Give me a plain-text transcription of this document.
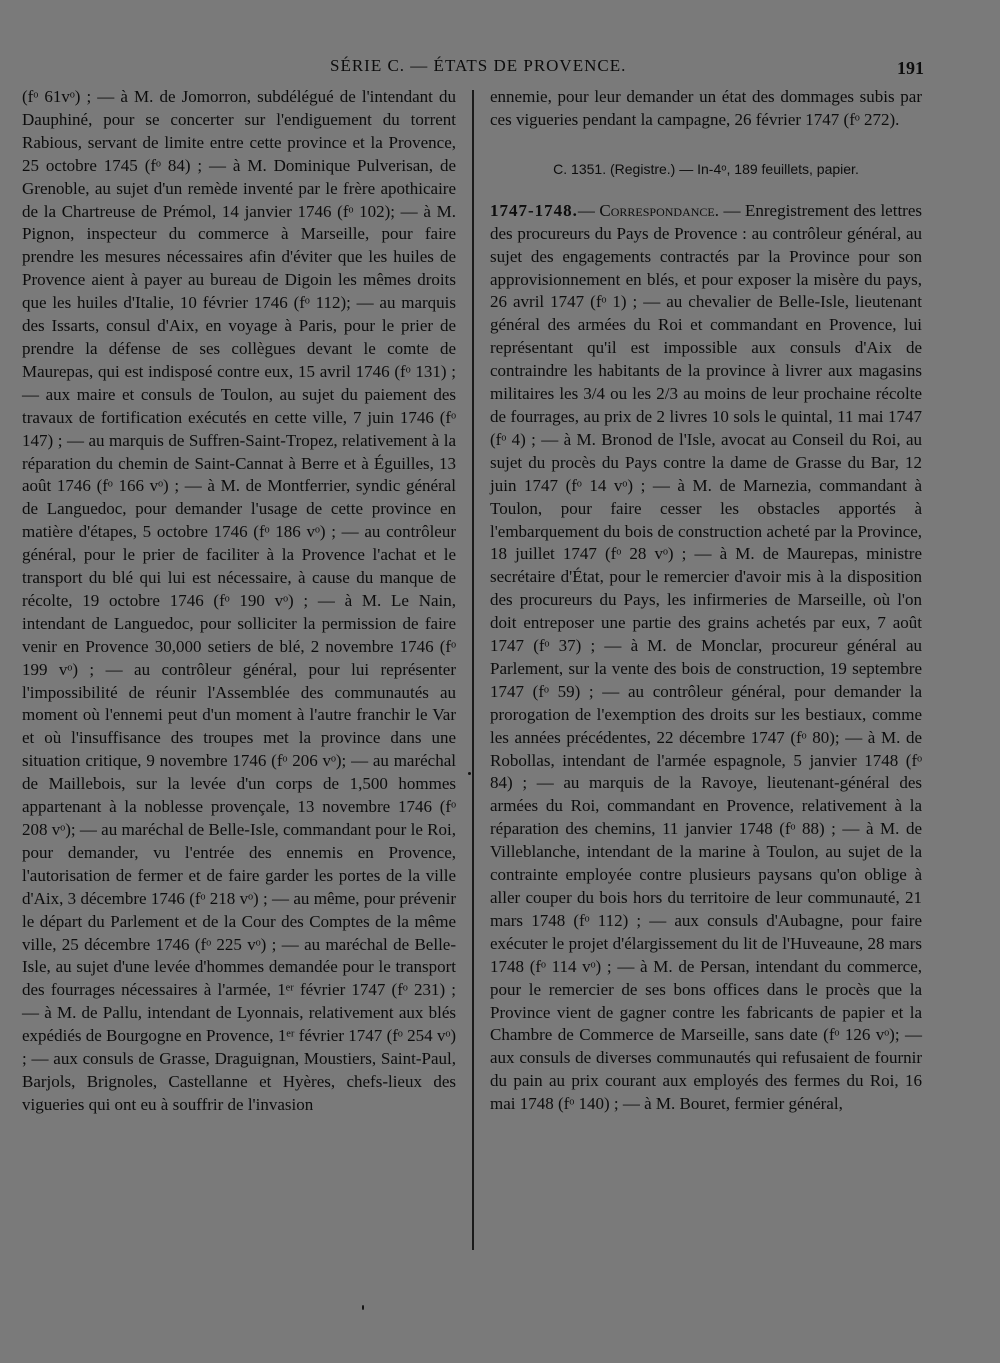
SÉRIE C. — ÉTATS DE PROVENCE.	191

(fᵒ 61vᵒ) ; — à M. de Jomorron, subdélégué de l'intendant du Dauphiné, pour se concerter sur l'endiguement du torrent Rabious, servant de limite entre cette province et la Provence, 25 octobre 1745 (fᵒ 84) ; — à M. Dominique Pulverisan, de Grenoble, au sujet d'un remède inventé par le frère apothicaire de la Chartreuse de Prémol, 14 janvier 1746 (fᵒ 102); — à M. Pignon, inspecteur du commerce à Marseille, pour faire prendre les mesures nécessaires afin d'éviter que les huiles de Provence aient à payer au bureau de Digoin les mêmes droits que les huiles d'Italie, 10 février 1746 (fᵒ 112); — au marquis des Issarts, consul d'Aix, en voyage à Paris, pour le prier de prendre la défense de ses collègues devant le comte de Maurepas, qui est indisposé contre eux, 15 avril 1746 (fᵒ 131) ; — aux maire et consuls de Toulon, au sujet du paiement des travaux de fortification exécutés en cette ville, 7 juin 1746 (fᵒ 147) ; — au marquis de Suffren-Saint-Tropez, relativement à la réparation du chemin de Saint-Cannat à Berre et à Éguilles, 13 août 1746 (fᵒ 166 vᵒ) ; — à M. de Montferrier, syndic général de Languedoc, pour demander l'usage de cette province en matière d'étapes, 5 octobre 1746 (fᵒ 186 vᵒ) ; — au contrôleur général, pour le prier de faciliter à la Provence l'achat et le transport du blé qui lui est nécessaire, à cause du manque de récolte, 19 octobre 1746 (fᵒ 190 vᵒ) ; — à M. Le Nain, intendant de Languedoc, pour solliciter la permission de faire venir en Provence 30,000 setiers de blé, 2 novembre 1746 (fᵒ 199 vᵒ) ; — au contrôleur général, pour lui représenter l'impossibilité de réunir l'Assemblée des communautés au moment où l'ennemi peut d'un moment à l'autre franchir le Var et où l'insuffisance des troupes met la province dans une situation critique, 9 novembre 1746 (fᵒ 206 vᵒ); — au maréchal de Maillebois, sur la levée d'un corps de 1,500 hommes appartenant à la noblesse provençale, 13 novembre 1746 (fᵒ 208 vᵒ); — au maréchal de Belle-Isle, commandant pour le Roi, pour demander, vu l'entrée des ennemis en Provence, l'autorisation de fermer et de faire garder les portes de la ville d'Aix, 3 décembre 1746 (fᵒ 218 vᵒ) ; — au même, pour prévenir le départ du Parlement et de la Cour des Comptes de la même ville, 25 décembre 1746 (fᵒ 225 vᵒ) ; — au maréchal de Belle-Isle, au sujet d'une levée d'hommes demandée pour le transport des fourrages nécessaires à l'armée, 1ᵉʳ février 1747 (fᵒ 231) ; — à M. de Pallu, intendant de Lyonnais, relativement aux blés expédiés de Bourgogne en Provence, 1ᵉʳ février 1747 (fᵒ 254 vᵒ) ; — aux consuls de Grasse, Draguignan, Moustiers, Saint-Paul, Barjols, Brignoles, Castellanne et Hyères, chefs-lieux des vigueries qui ont eu à souffrir de l'invasion

ennemie, pour leur demander un état des dommages subis par ces vigueries pendant la campagne, 26 février 1747 (fᵒ 272).

C. 1351. (Registre.) — In-4ᵒ, 189 feuillets, papier.

1747-1748.— Correspondance. — Enregistrement des lettres des procureurs du Pays de Provence : au contrôleur général, au sujet des engagements contractés par la Province pour son approvisionnement en blés, et pour exposer la misère du pays, 26 avril 1747 (fᵒ 1) ; — au chevalier de Belle-Isle, lieutenant général des armées du Roi et commandant en Provence, lui représentant qu'il est impossible aux consuls d'Aix de contraindre les habitants de la province à livrer aux magasins militaires les 3/4 ou les 2/3 au moins de leur prochaine récolte de fourrages, au prix de 2 livres 10 sols le quintal, 11 mai 1747 (fᵒ 4) ; — à M. Bronod de l'Isle, avocat au Conseil du Roi, au sujet du procès du Pays contre la dame de Grasse du Bar, 12 juin 1747 (fᵒ 14 vᵒ) ; — à M. de Marnezia, commandant à Toulon, pour faire cesser les obstacles apportés à l'embarquement du bois de construction acheté par la Province, 18 juillet 1747 (fᵒ 28 vᵒ) ; — à M. de Maurepas, ministre secrétaire d'État, pour le remercier d'avoir mis à la disposition des procureurs du Pays, les infirmeries de Marseille, où l'on doit entreposer une partie des grains achetés par eux, 7 août 1747 (fᵒ 37) ; — à M. de Monclar, procureur général au Parlement, sur la vente des bois de construction, 19 septembre 1747 (fᵒ 59) ; — au contrôleur général, pour demander la prorogation de l'exemption des droits sur les bestiaux, comme les années précédentes, 22 décembre 1747 (fᵒ 80); — à M. de Robollas, intendant de l'armée espagnole, 5 janvier 1748 (fᵒ 84) ; — au marquis de la Ravoye, lieutenant-général des armées du Roi, commandant en Provence, relativement à la réparation des chemins, 11 janvier 1748 (fᵒ 88) ; — à M. de Villeblanche, intendant de la marine à Toulon, au sujet de la contrainte employée contre plusieurs paysans qu'on oblige à aller couper du bois hors du territoire de leur communauté, 21 mars 1748 (fᵒ 112) ; — aux consuls d'Aubagne, pour faire exécuter le projet d'élargissement du lit de l'Huveaune, 28 mars 1748 (fᵒ 114 vᵒ) ; — à M. de Persan, intendant du commerce, pour le remercier de ses bons offices dans le procès que la Province vient de gagner contre les fabricants de papier et la Chambre de Commerce de Marseille, sans date (fᵒ 126 vᵒ); — aux consuls de diverses communautés qui refusaient de fournir du pain au prix courant aux employés des fermes du Roi, 16 mai 1748 (fᵒ 140) ; — à M. Bouret, fermier général,
